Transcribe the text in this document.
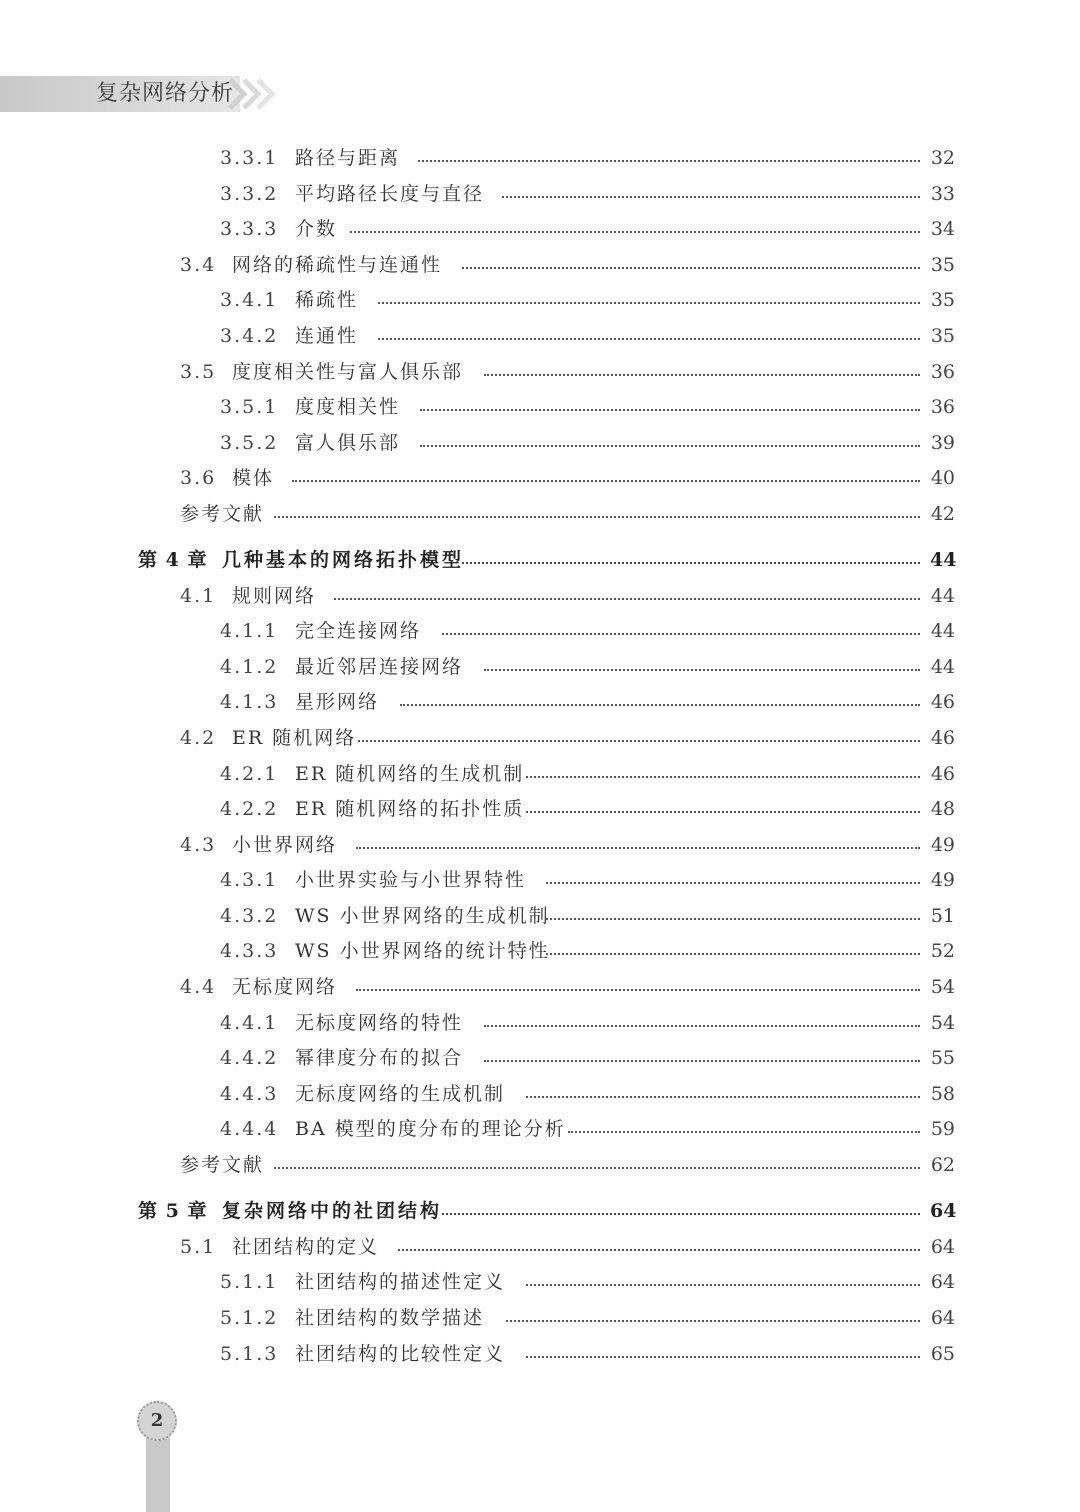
复杂网络分析
3.3.1 路径与距离	32
3.3.2 平均路径长度与直径	33
3.3.3 介数	34
3.4 网络的稀疏性与连通性	35
3.4.1 稀疏性	35
3.4.2 连通性	35
3.5 度度相关性与富人俱乐部	36
3.5.1 度度相关性	36
3.5.2 富人俱乐部	39
3.6 模体	40
参考文献	42
第 4 章 几种基本的网络拓扑模型	44
4.1 规则网络	44
4.1.1 完全连接网络	44
4.1.2 最近邻居连接网络	44
4.1.3 星形网络	46
4.2 ER 随机网络	46
4.2.1 ER 随机网络的生成机制	46
4.2.2 ER 随机网络的拓扑性质	48
4.3 小世界网络	49
4.3.1 小世界实验与小世界特性	49
4.3.2 WS 小世界网络的生成机制	51
4.3.3 WS 小世界网络的统计特性	52
4.4 无标度网络	54
4.4.1 无标度网络的特性	54
4.4.2 幂律度分布的拟合	55
4.4.3 无标度网络的生成机制	58
4.4.4 BA 模型的度分布的理论分析	59
参考文献	62
第 5 章 复杂网络中的社团结构	64
5.1 社团结构的定义	64
5.1.1 社团结构的描述性定义	64
5.1.2 社团结构的数学描述	64
5.1.3 社团结构的比较性定义	65
2
